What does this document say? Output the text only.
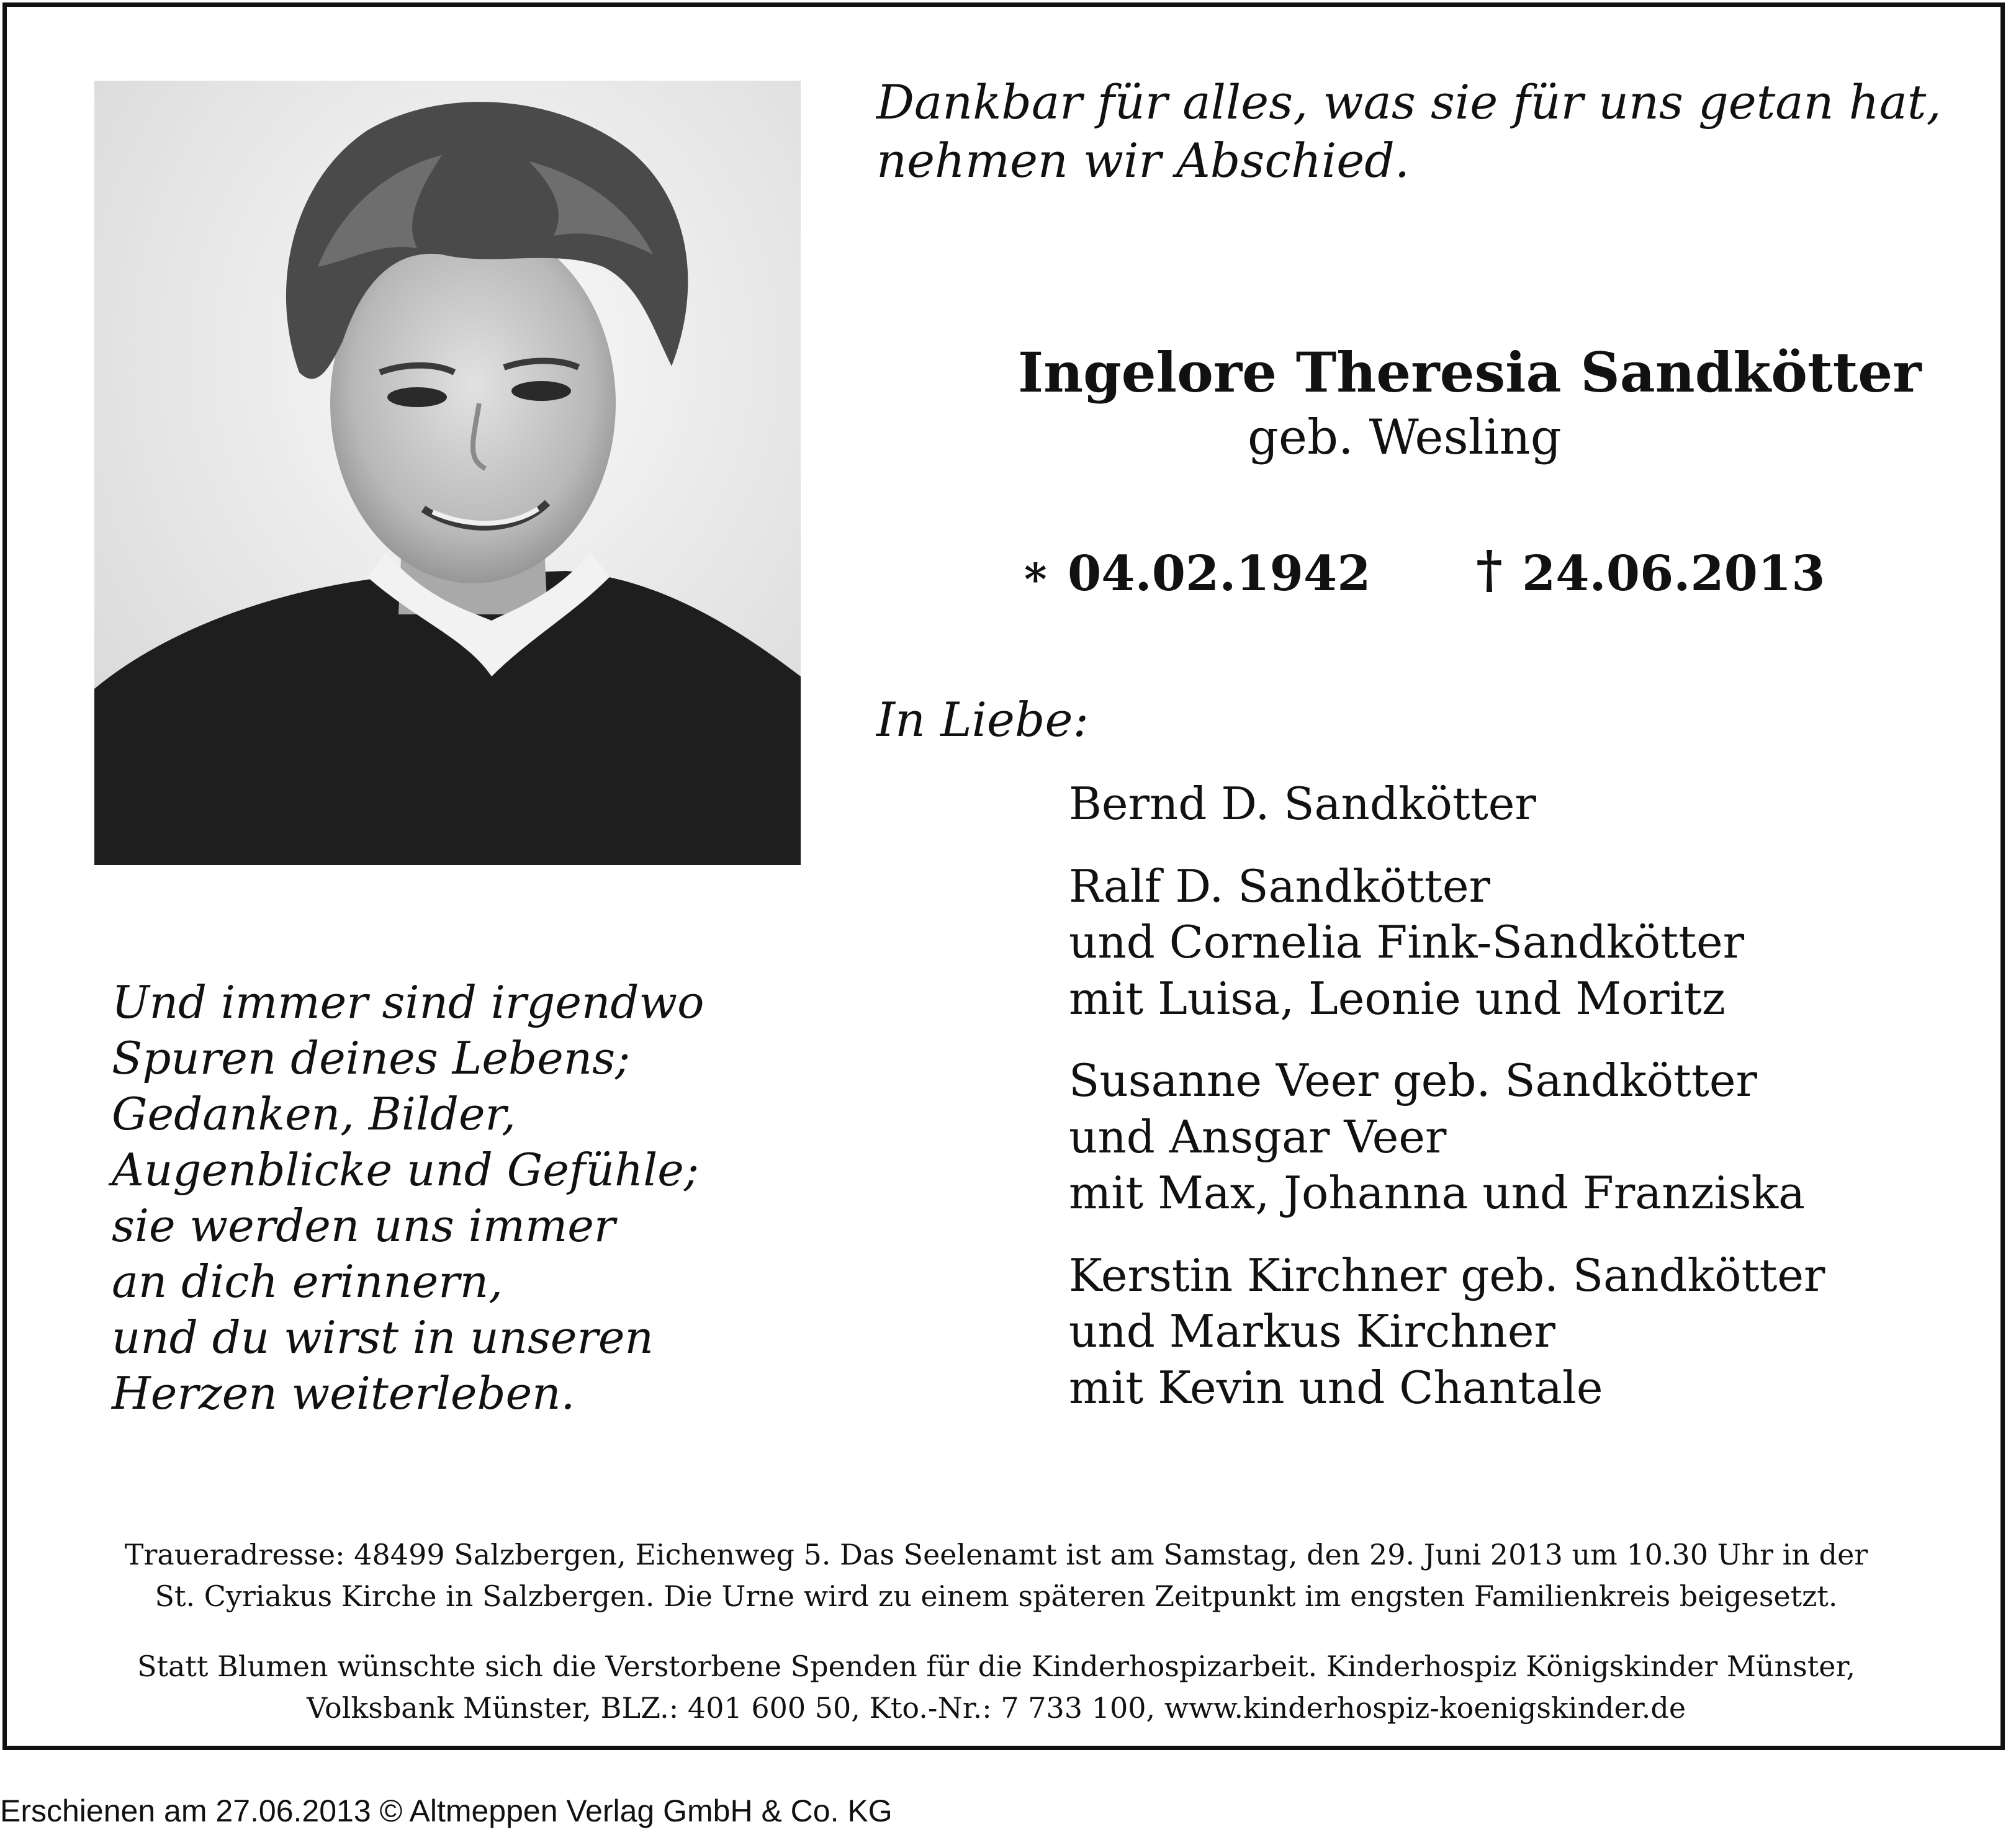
Dankbar für alles, was sie für uns getan hat,
nehmen wir Abschied.
Ingelore Theresia Sandkötter
geb. Wesling
* 04.02.1942 † 24.06.2013
In Liebe:
Bernd D. Sandkötter
Ralf D. Sandkötter
und Cornelia Fink-Sandkötter
mit Luisa, Leonie und Moritz
Susanne Veer geb. Sandkötter
und Ansgar Veer
mit Max, Johanna und Franziska
Kerstin Kirchner geb. Sandkötter
und Markus Kirchner
mit Kevin und Chantale
Und immer sind irgendwo
Spuren deines Lebens;
Gedanken, Bilder,
Augenblicke und Gefühle;
sie werden uns immer
an dich erinnern,
und du wirst in unseren
Herzen weiterleben.
Traueradresse: 48499 Salzbergen, Eichenweg 5. Das Seelenamt ist am Samstag, den 29. Juni 2013 um 10.30 Uhr in der
St. Cyriakus Kirche in Salzbergen. Die Urne wird zu einem späteren Zeitpunkt im engsten Familienkreis beigesetzt.
Statt Blumen wünschte sich die Verstorbene Spenden für die Kinderhospizarbeit. Kinderhospiz Königskinder Münster,
Volksbank Münster, BLZ.: 401 600 50, Kto.-Nr.: 7 733 100, www.kinderhospiz-koenigskinder.de
Erschienen am 27.06.2013 © Altmeppen Verlag GmbH & Co. KG
